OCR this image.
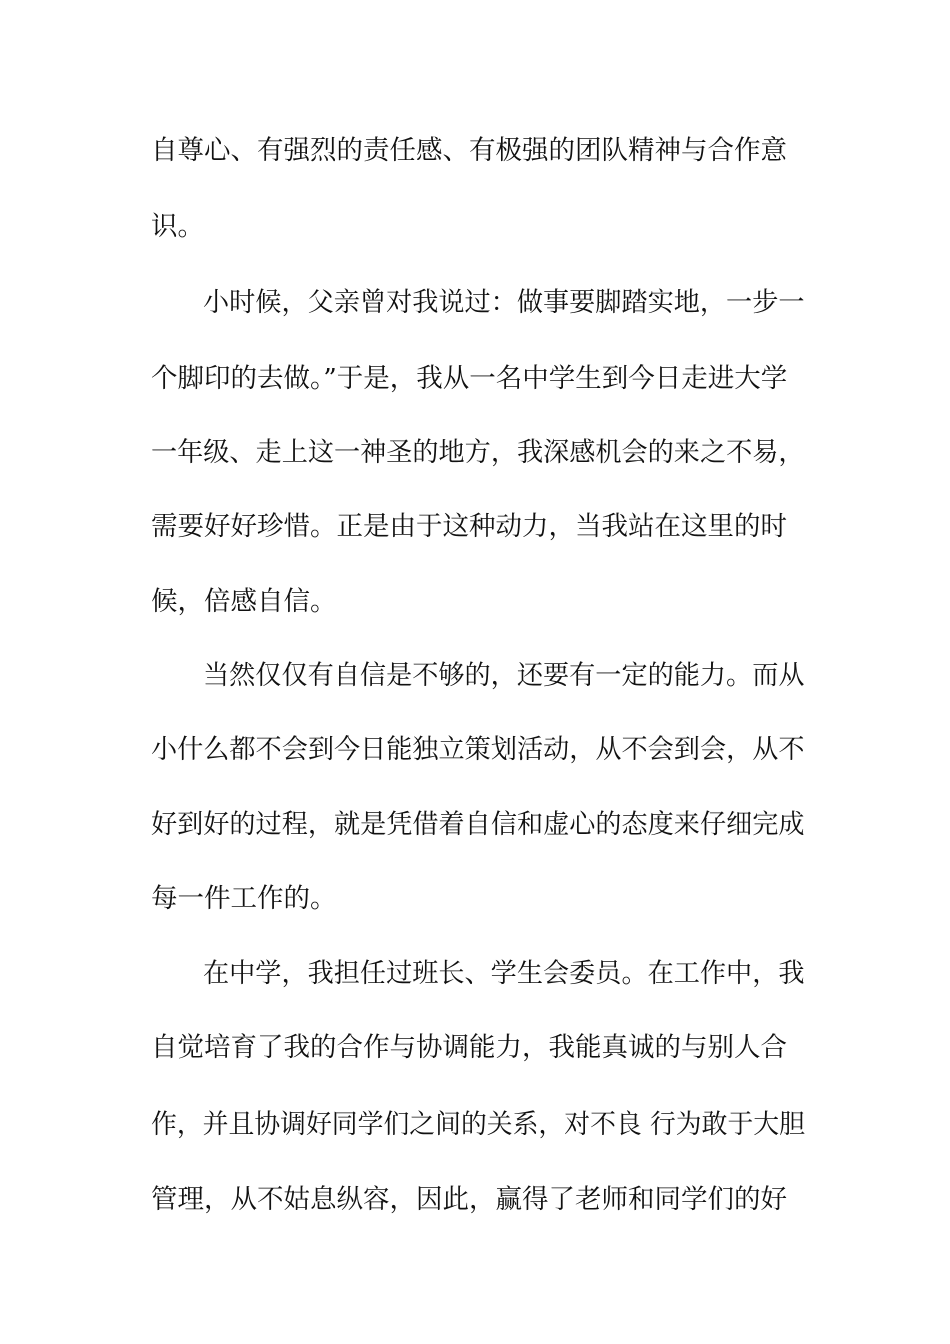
自尊心、有强烈的责任感、有极强的团队精神与合作意

识。

小时候，父亲曾对我说过：做事要脚踏实地，一步一

个脚印的去做。”于是，我从一名中学生到今日走进大学

一年级、走上这一神圣的地方，我深感机会的来之不易，

需要好好珍惜。正是由于这种动力，当我站在这里的时

候，倍感自信。

当然仅仅有自信是不够的，还要有一定的能力。而从

小什么都不会到今日能独立策划活动，从不会到会，从不

好到好的过程，就是凭借着自信和虚心的态度来仔细完成

每一件工作的。

在中学，我担任过班长、学生会委员。在工作中，我

自觉培育了我的合作与协调能力，我能真诚的与别人合

作，并且协调好同学们之间的关系，对不良 行为敢于大胆

管理，从不姑息纵容，因此，赢得了老师和同学们的好
